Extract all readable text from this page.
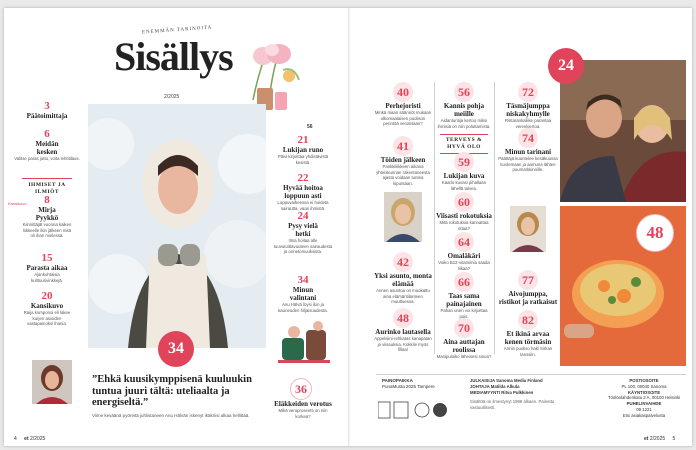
ENEMMÄN TARINOITA
Sisällys
2/2025
56
3
Päätoimittaja
6
Meidän kesken
Valitse paras juttu, voita lehtitilaus.
IHMISET JA ILMIÖT
Kansikuvo	8
Mirja Pyykkö
Kiinnittäjät vuonna kaiken liikkeelle ikin jälkeen mitä oli ihan mielessä.
15
Parasta aikaa
Ajankohtaisia kulttuurivinkkejä.
20
Kansikuvo
Raija komponoi eli lakee kurjen asioiden vastapainoksi ihania.
34
”Ehkä kuusikymppisenä kuuluukin tuntua juuri tältä: uteliaalta ja energiseltä.”
Viime keväänä pyöreitä juhlistaneen Anu Hälvän iskenyt ikäkriisi alkaa hellittää.
21
Lukijan runo
Päivi kirjoittaa yhdistävistä kesistä.
22
Hyvää hoitoa loppuun asti
Loppuvaiheessa ei hoideta sairautta, vaan ihmistä.
24
Pysy vielä hetki
Ilma hoitaa alle tuuvutoittavuuteen sairaudesta ja onnetomuuksista.
34
Minun valintani
Anu Hälvä löysi ilon ja kauneuden hiljaisuudesta.
36
Eläkkeiden verotus
Mikä veroprosentti on niin korkea?
4 et 2/2025
40
Perhejoristi
Minkä maan säännöt mukaan ulkomaalaisen puolison perintöä verotetaan?
41
Töiden jälkeen
Pankkiliikkeen aikana yhteiskunnan rakentaneesta ajasta voidaan tuntea kipuntaan.
42
Yksi asunto, monta elämää
Annen asuntoa on muokattu aina elämäntilanteen muuttuessa.
48
Aurinko lautasella
Appelsiini-rehkatas kanapatan ja viisauksia. Kokkile myös fillaa!
56
Kannis pohja meiille
Aidantuntija kertoo miksi ihmisiä on niin poluttamista.
TERVEYS & HYVÄ OLO
59
Lukijan kuva
Kaarlo kuvasi pihallaan lähellä talvea.
60
Viisasti rokotuksia
Mitä rokotuksia kannattaa ottaa?
64
Omaläkäri
Voiko B12-vitamiinia saada liikaa?
66
Taas sama painajainen
Pahan unen voi kirjoittaa pois.
70
Aina auttajan roolissa
Manipuloiko läheisesi sinua?
72
Täsmäjumppa niskakyhmylle
Rintarankaliike parantaa verenkiertoa.
74
Minun tarinani
Päättäjä kuuntelee kesäkuussa kuolemaan ja aamuna lähtee puumarkkinoille.
77
Aivojumppa, ristikot ja ratkaisut
82
Et ikinä arvaa kenen törmäsin
Armin puoliso haki Sirkan tanssiin.
24
48
PAINOPAIKKA
PunaMusta 2025 Tampere
JULKAISIJA Sanoma Media Finland
JOHTAJA Matilda Alkula
MEDIAMYYNTI Ritva Pulkkinen
Sisältöä on ilmestynyt 1998 alkaen. Painettu vastuullisesti.
POSTIOSOITE
PL 100, 00040 Sanoma
KÄYNTIOSOITE
Töölönlahdenkatu 2 A, 00100 Helsinki
PUHELINVAIHDE
09 1221
Etsi asiakaspalvelusta
et 2/2025 5
